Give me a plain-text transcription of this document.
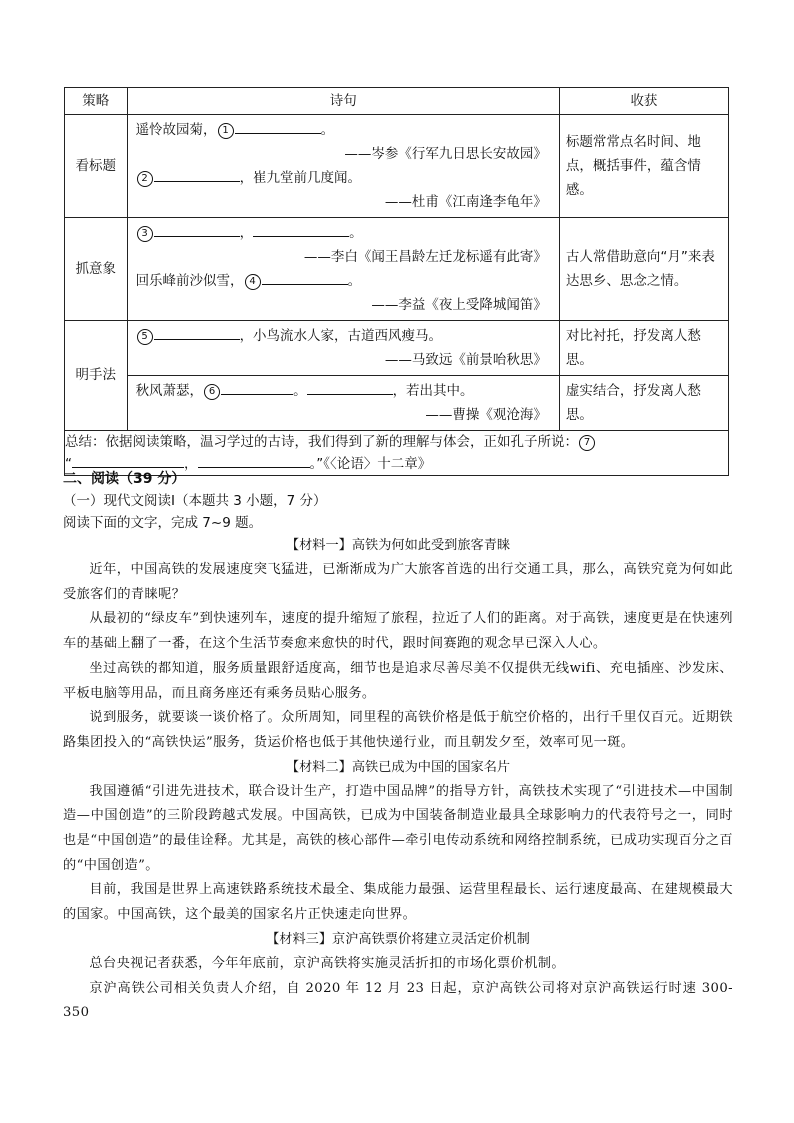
策略	诗句	收获
看标题	遥怜故园菊， 1 。
——岑参《行军九日思长安故园》
2 ，崔九堂前几度闻。
——杜甫《江南逢李龟年》	标题常常点名时间、地点，概括事件，蕴含情感。

抓意象	3 ， 。
——李白《闻王昌龄左迁龙标遥有此寄》
回乐峰前沙似雪， 4 。
——李益《夜上受降城闻笛》	古人常借助意向“月”来表达思乡、思念之情。

明手法	5 ，小鸟流水人家，古道西风瘦马。
——马致远《前景咍秋思》	对比衬托，抒发离人愁思。

	秋风萧瑟， 6 。 ，若出其中。
——曹操《观沧海》	虚实结合，抒发离人愁思。

总结：依据阅读策略，温习学过的古诗，我们得到了新的理解与体会，正如孔子所说： 7
“ ， 。”《〈论语〉十二章》		
二、阅读（39 分）
（一）现代文阅读Ⅰ（本题共 3 小题，7 分）
阅读下面的文字，完成 7~9 题。
【材料一】高铁为何如此受到旅客青睐
近年，中国高铁的发展速度突飞猛进，已渐渐成为广大旅客首选的出行交通工具，那么，高铁究竟为何如此受旅客们的青睐呢？
从最初的“绿皮车”到快速列车，速度的提升缩短了旅程，拉近了人们的距离。对于高铁，速度更是在快速列车的基础上翻了一番，在这个生活节奏愈来愈快的时代，跟时间赛跑的观念早已深入人心。
坐过高铁的都知道，服务质量跟舒适度高，细节也是追求尽善尽美不仅提供无线wifi、充电插座、沙发床、平板电脑等用品，而且商务座还有乘务员贴心服务。
说到服务，就要谈一谈价格了。众所周知，同里程的高铁价格是低于航空价格的，出行千里仅百元。近期铁路集团投入的“高铁快运”服务，货运价格也低于其他快递行业，而且朝发夕至，效率可见一斑。
【材料二】高铁已成为中国的国家名片
我国遵循“引进先进技术，联合设计生产，打造中国品牌”的指导方针，高铁技术实现了“引进技术—中国制造—中国创造”的三阶段跨越式发展。中国高铁，已成为中国装备制造业最具全球影响力的代表符号之一，同时也是“中国创造”的最佳诠释。尤其是，高铁的核心部件—牵引电传动系统和网络控制系统，已成功实现百分之百的“中国创造”。
目前，我国是世界上高速铁路系统技术最全、集成能力最强、运营里程最长、运行速度最高、在建规模最大的国家。中国高铁，这个最美的国家名片正快速走向世界。
【材料三】京沪高铁票价将建立灵活定价机制
总台央视记者获悉，今年年底前，京沪高铁将实施灵活折扣的市场化票价机制。
京沪高铁公司相关负责人介绍，自 2020 年 12 月 23 日起，京沪高铁公司将对京沪高铁运行时速 300-350
